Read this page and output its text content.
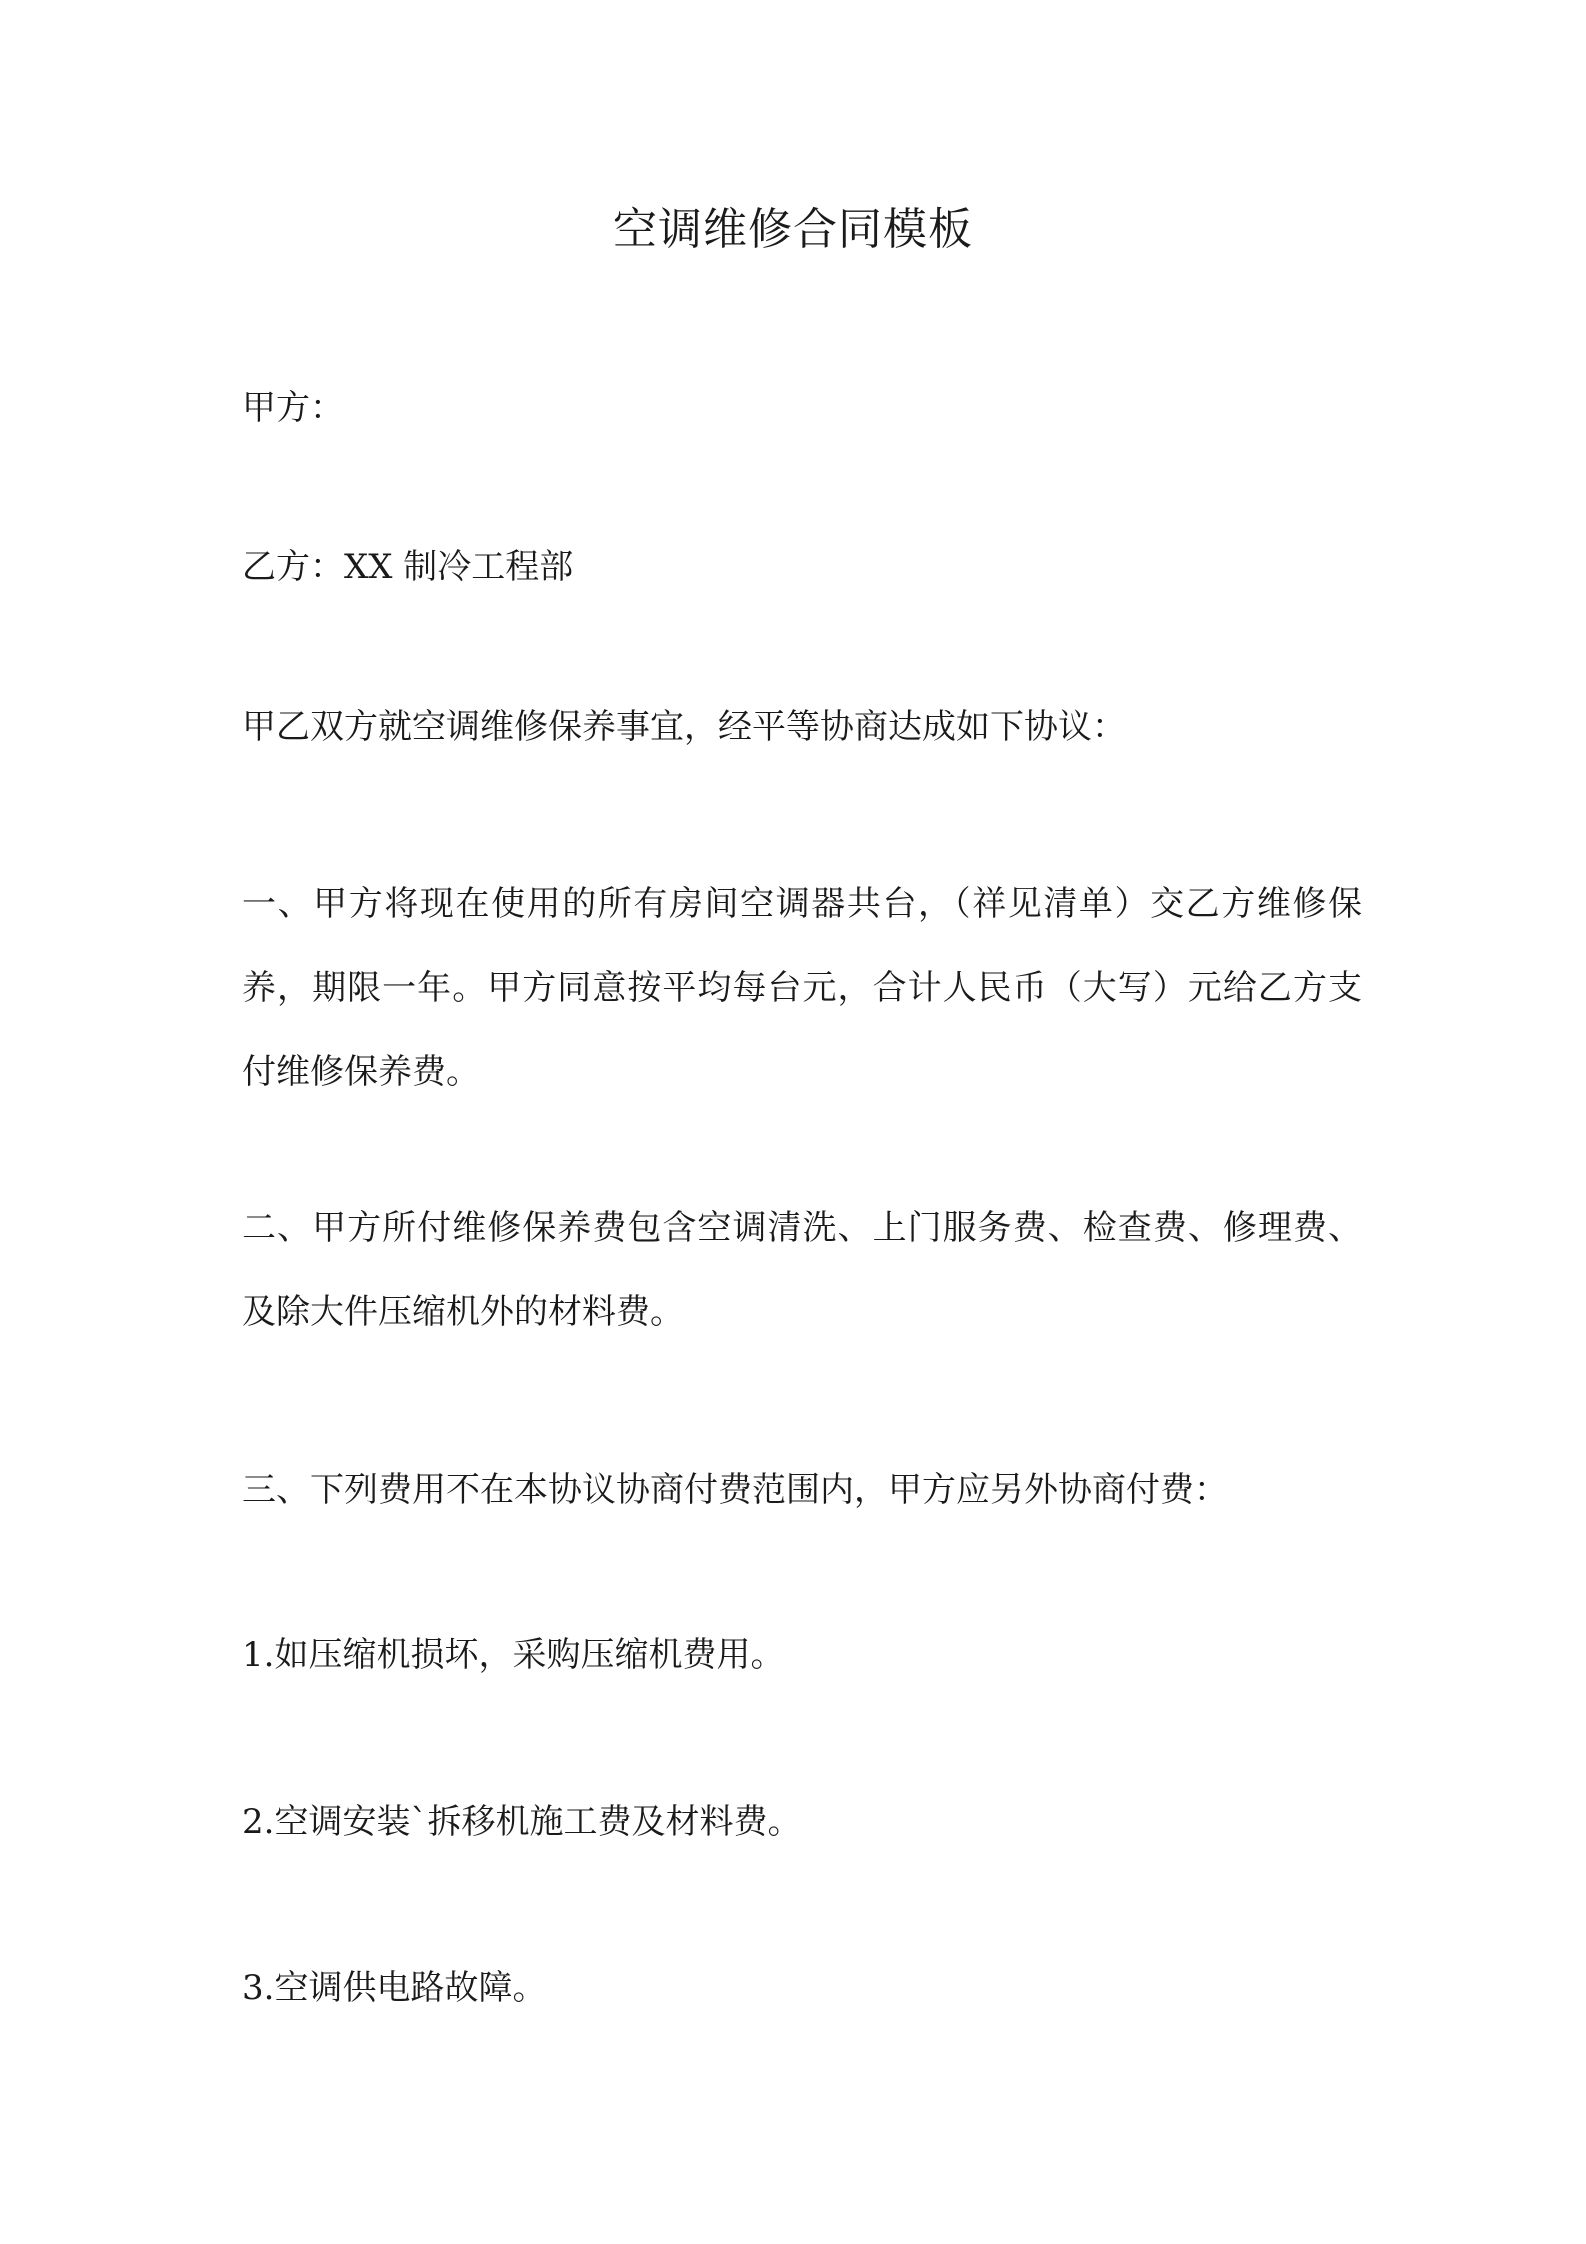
空调维修合同模板

甲方：

乙方：XX 制冷工程部

甲乙双方就空调维修保养事宜，经平等协商达成如下协议：

一、甲方将现在使用的所有房间空调器共台，（祥见清单）交乙方维修保养，期限一年。甲方同意按平均每台元，合计人民币（大写）元给乙方支付维修保养费。

二、甲方所付维修保养费包含空调清洗、上门服务费、检查费、修理费、及除大件压缩机外的材料费。

三、下列费用不在本协议协商付费范围内，甲方应另外协商付费：

1.如压缩机损坏，采购压缩机费用。

2.空调安装`拆移机施工费及材料费。

3.空调供电路故障。
